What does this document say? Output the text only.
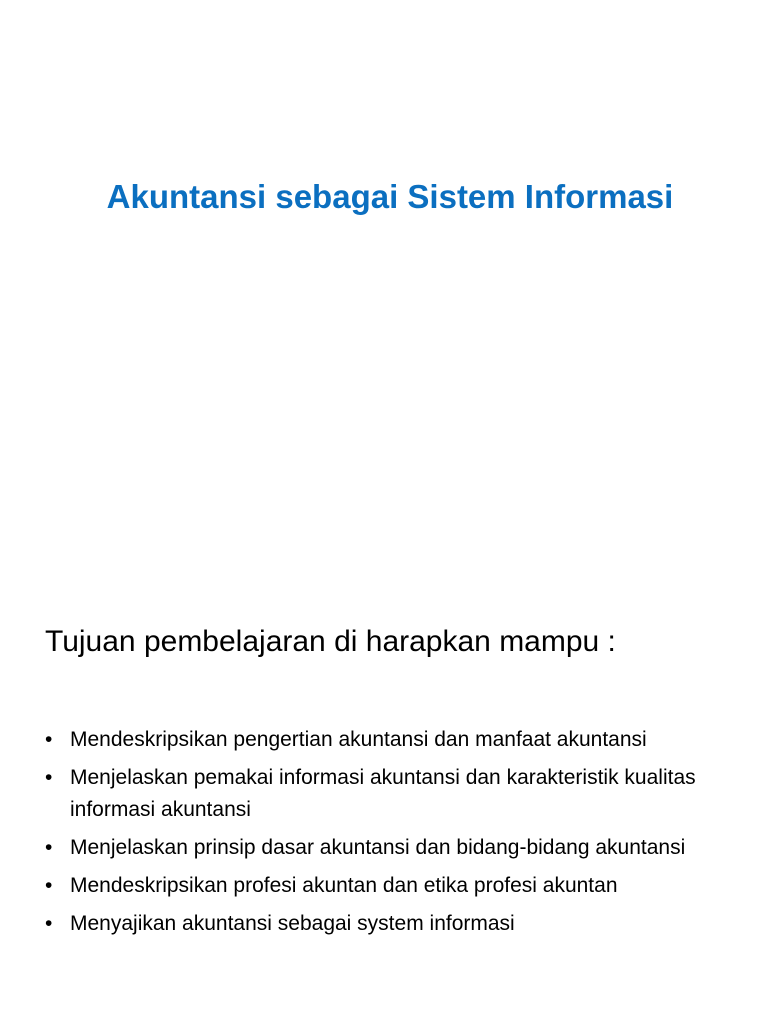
Akuntansi sebagai Sistem Informasi

Tujuan pembelajaran di harapkan mampu :

• Mendeskripsikan pengertian akuntansi dan manfaat akuntansi
• Menjelaskan pemakai informasi akuntansi dan karakteristik kualitas informasi akuntansi
• Menjelaskan prinsip dasar akuntansi dan bidang-bidang akuntansi
• Mendeskripsikan profesi akuntan dan etika profesi akuntan
• Menyajikan akuntansi sebagai system informasi
